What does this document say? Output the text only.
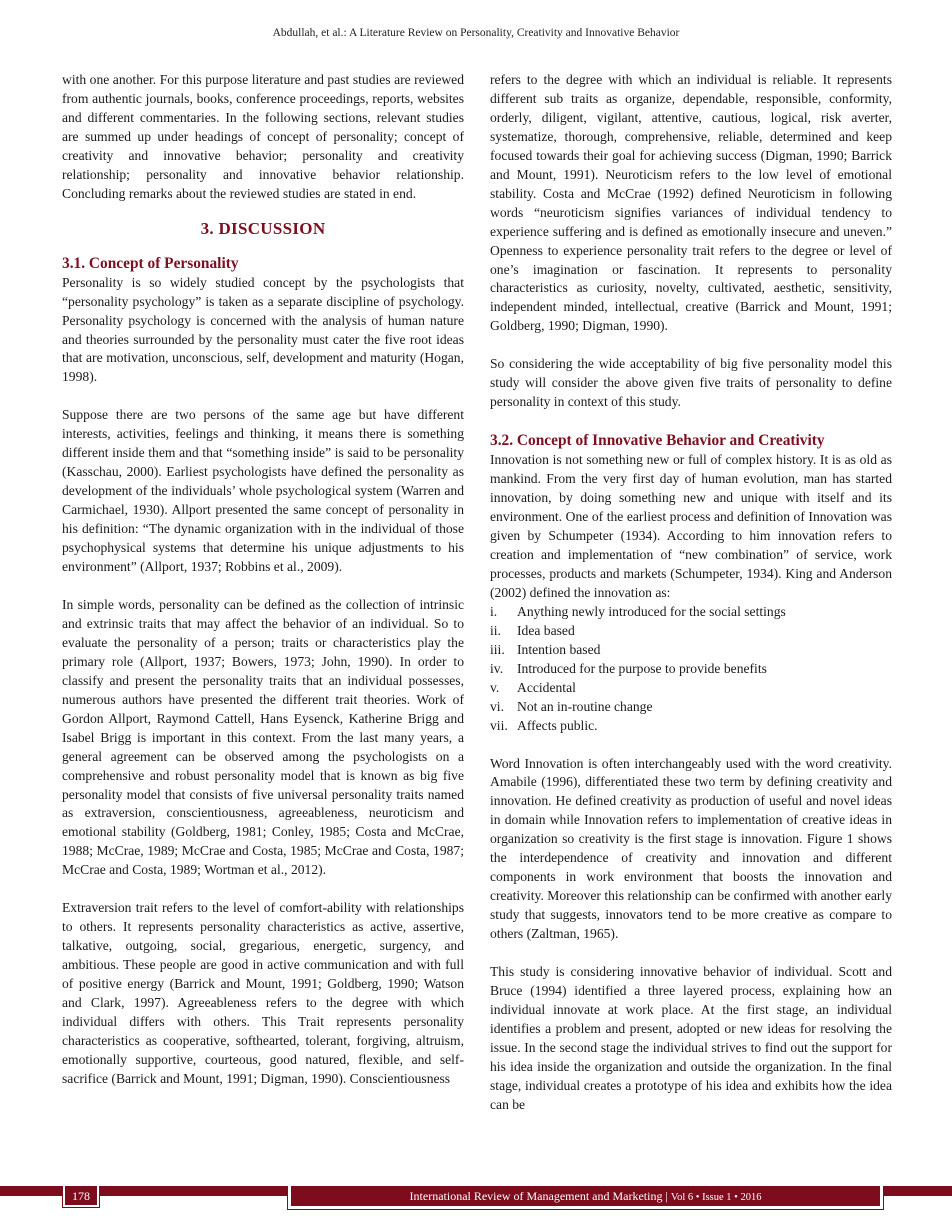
Abdullah, et al.: A Literature Review on Personality, Creativity and Innovative Behavior

with one another. For this purpose literature and past studies are reviewed from authentic journals, books, conference proceedings, reports, websites and different commentaries. In the following sections, relevant studies are summed up under headings of concept of personality; concept of creativity and innovative behavior; personality and creativity relationship; personality and innovative behavior relationship. Concluding remarks about the reviewed studies are stated in end.

3. DISCUSSION

3.1. Concept of Personality

Personality is so widely studied concept by the psychologists that “personality psychology” is taken as a separate discipline of psychology. Personality psychology is concerned with the analysis of human nature and theories surrounded by the personality must cater the five root ideas that are motivation, unconscious, self, development and maturity (Hogan, 1998).

Suppose there are two persons of the same age but have different interests, activities, feelings and thinking, it means there is something different inside them and that “something inside” is said to be personality (Kasschau, 2000). Earliest psychologists have defined the personality as development of the individuals’ whole psychological system (Warren and Carmichael, 1930). Allport presented the same concept of personality in his definition: “The dynamic organization with in the individual of those psychophysical systems that determine his unique adjustments to his environment” (Allport, 1937; Robbins et al., 2009).

In simple words, personality can be defined as the collection of intrinsic and extrinsic traits that may affect the behavior of an individual. So to evaluate the personality of a person; traits or characteristics play the primary role (Allport, 1937; Bowers, 1973; John, 1990). In order to classify and present the personality traits that an individual possesses, numerous authors have presented the different trait theories. Work of Gordon Allport, Raymond Cattell, Hans Eysenck, Katherine Brigg and Isabel Brigg is important in this context. From the last many years, a general agreement can be observed among the psychologists on a comprehensive and robust personality model that is known as big five personality model that consists of five universal personality traits named as extraversion, conscientiousness, agreeableness, neuroticism and emotional stability (Goldberg, 1981; Conley, 1985; Costa and McCrae, 1988; McCrae, 1989; McCrae and Costa, 1985; McCrae and Costa, 1987; McCrae and Costa, 1989; Wortman et al., 2012).

Extraversion trait refers to the level of comfort-ability with relationships to others. It represents personality characteristics as active, assertive, talkative, outgoing, social, gregarious, energetic, surgency, and ambitious. These people are good in active communication and with full of positive energy (Barrick and Mount, 1991; Goldberg, 1990; Watson and Clark, 1997). Agreeableness refers to the degree with which individual differs with others. This Trait represents personality characteristics as cooperative, softhearted, tolerant, forgiving, altruism, emotionally supportive, courteous, good natured, flexible, and self-sacrifice (Barrick and Mount, 1991; Digman, 1990). Conscientiousness

refers to the degree with which an individual is reliable. It represents different sub traits as organize, dependable, responsible, conformity, orderly, diligent, vigilant, attentive, cautious, logical, risk averter, systematize, thorough, comprehensive, reliable, determined and keep focused towards their goal for achieving success (Digman, 1990; Barrick and Mount, 1991). Neuroticism refers to the low level of emotional stability. Costa and McCrae (1992) defined Neuroticism in following words “neuroticism signifies variances of individual tendency to experience suffering and is defined as emotionally insecure and uneven.” Openness to experience personality trait refers to the degree or level of one’s imagination or fascination. It represents to personality characteristics as curiosity, novelty, cultivated, aesthetic, sensitivity, independent minded, intellectual, creative (Barrick and Mount, 1991; Goldberg, 1990; Digman, 1990).

So considering the wide acceptability of big five personality model this study will consider the above given five traits of personality to define personality in context of this study.

3.2. Concept of Innovative Behavior and Creativity

Innovation is not something new or full of complex history. It is as old as mankind. From the very first day of human evolution, man has started innovation, by doing something new and unique with itself and its environment. One of the earliest process and definition of Innovation was given by Schumpeter (1934). According to him innovation refers to creation and implementation of “new combination” of service, work processes, products and markets (Schumpeter, 1934). King and Anderson (2002) defined the innovation as:

i. Anything newly introduced for the social settings
ii. Idea based
iii. Intention based
iv. Introduced for the purpose to provide benefits
v. Accidental
vi. Not an in-routine change
vii. Affects public.

Word Innovation is often interchangeably used with the word creativity. Amabile (1996), differentiated these two term by defining creativity and innovation. He defined creativity as production of useful and novel ideas in domain while Innovation refers to implementation of creative ideas in organization so creativity is the first stage is innovation. Figure 1 shows the interdependence of creativity and innovation and different components in work environment that boosts the innovation and creativity. Moreover this relationship can be confirmed with another early study that suggests, innovators tend to be more creative as compare to others (Zaltman, 1965).

This study is considering innovative behavior of individual. Scott and Bruce (1994) identified a three layered process, explaining how an individual innovate at work place. At the first stage, an individual identifies a problem and present, adopted or new ideas for resolving the issue. In the second stage the individual strives to find out the support for his idea inside the organization and outside the organization. In the final stage, individual creates a prototype of his idea and exhibits how the idea can be

178	International Review of Management and Marketing | Vol 6 • Issue 1 • 2016
